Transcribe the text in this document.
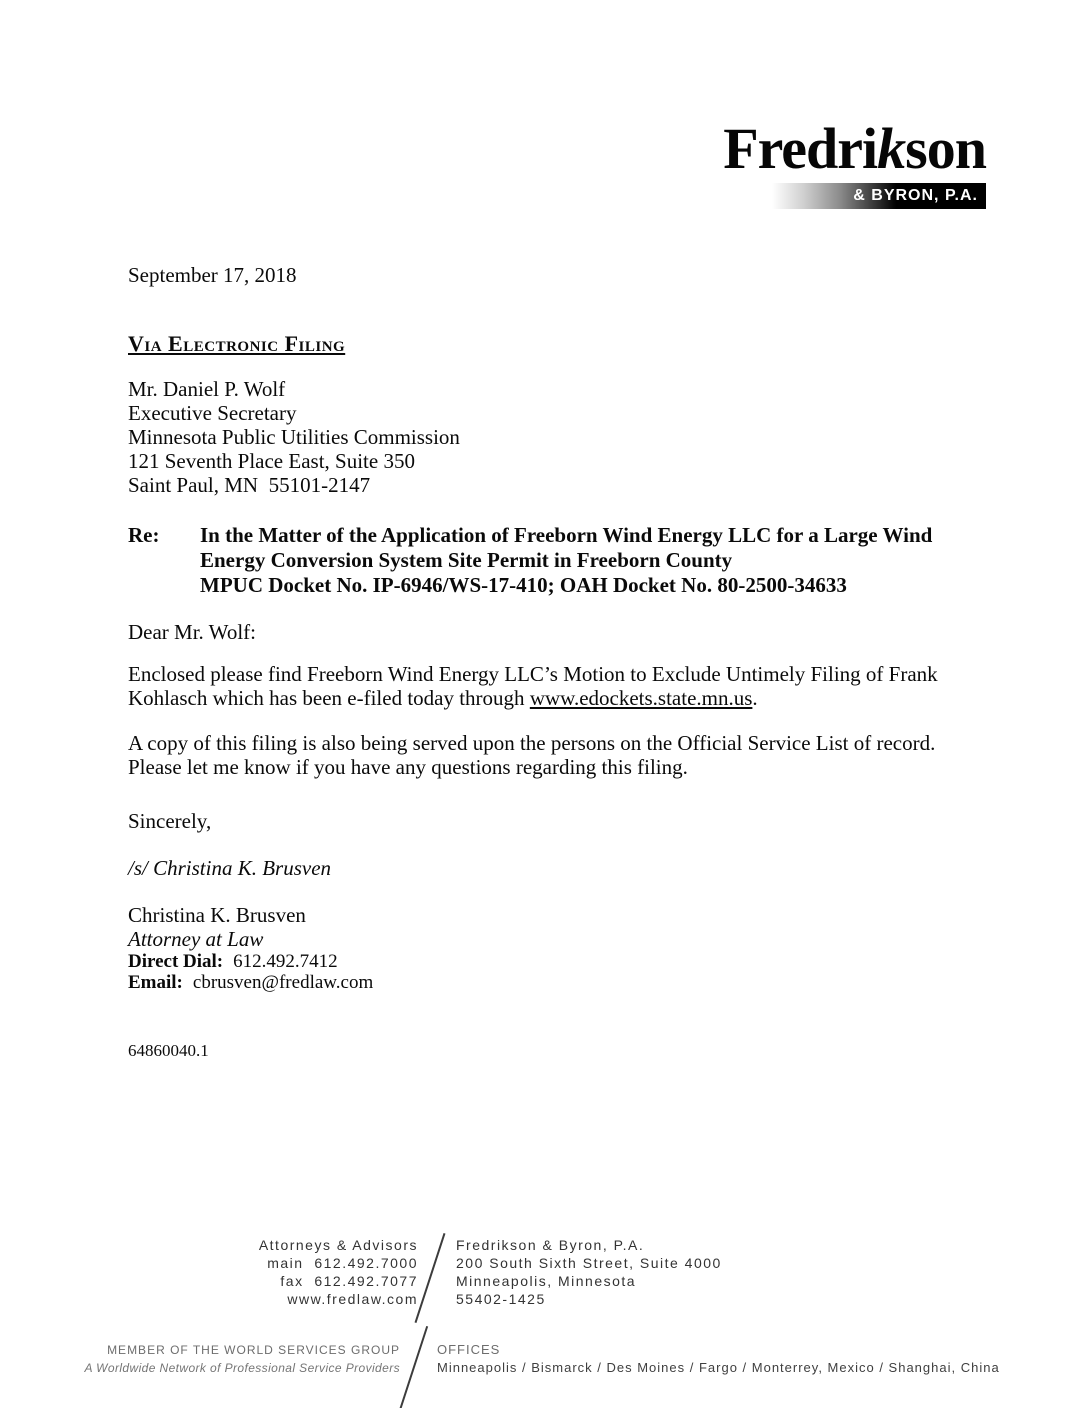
Fredrikson
& BYRON, P.A.
September 17, 2018
Via Electronic Filing
Mr. Daniel P. Wolf
Executive Secretary
Minnesota Public Utilities Commission
121 Seventh Place East, Suite 350
Saint Paul, MN  55101-2147
Re:	In the Matter of the Application of Freeborn Wind Energy LLC for a Large Wind
Energy Conversion System Site Permit in Freeborn County
MPUC Docket No. IP-6946/WS-17-410; OAH Docket No. 80-2500-34633
Dear Mr. Wolf:
Enclosed please find Freeborn Wind Energy LLC’s Motion to Exclude Untimely Filing of Frank
Kohlasch which has been e-filed today through www.edockets.state.mn.us.
A copy of this filing is also being served upon the persons on the Official Service List of record.
Please let me know if you have any questions regarding this filing.
Sincerely,
/s/ Christina K. Brusven
Christina K. Brusven
Attorney at Law
Direct Dial: 612.492.7412
Email: cbrusven@fredlaw.com
64860040.1
Attorneys & Advisors
main  612.492.7000
fax  612.492.7077
www.fredlaw.com
Fredrikson & Byron, P.A.
200 South Sixth Street, Suite 4000
Minneapolis, Minnesota
55402-1425
MEMBER OF THE WORLD SERVICES GROUP
A Worldwide Network of Professional Service Providers
OFFICES
Minneapolis / Bismarck / Des Moines / Fargo / Monterrey, Mexico / Shanghai, China
